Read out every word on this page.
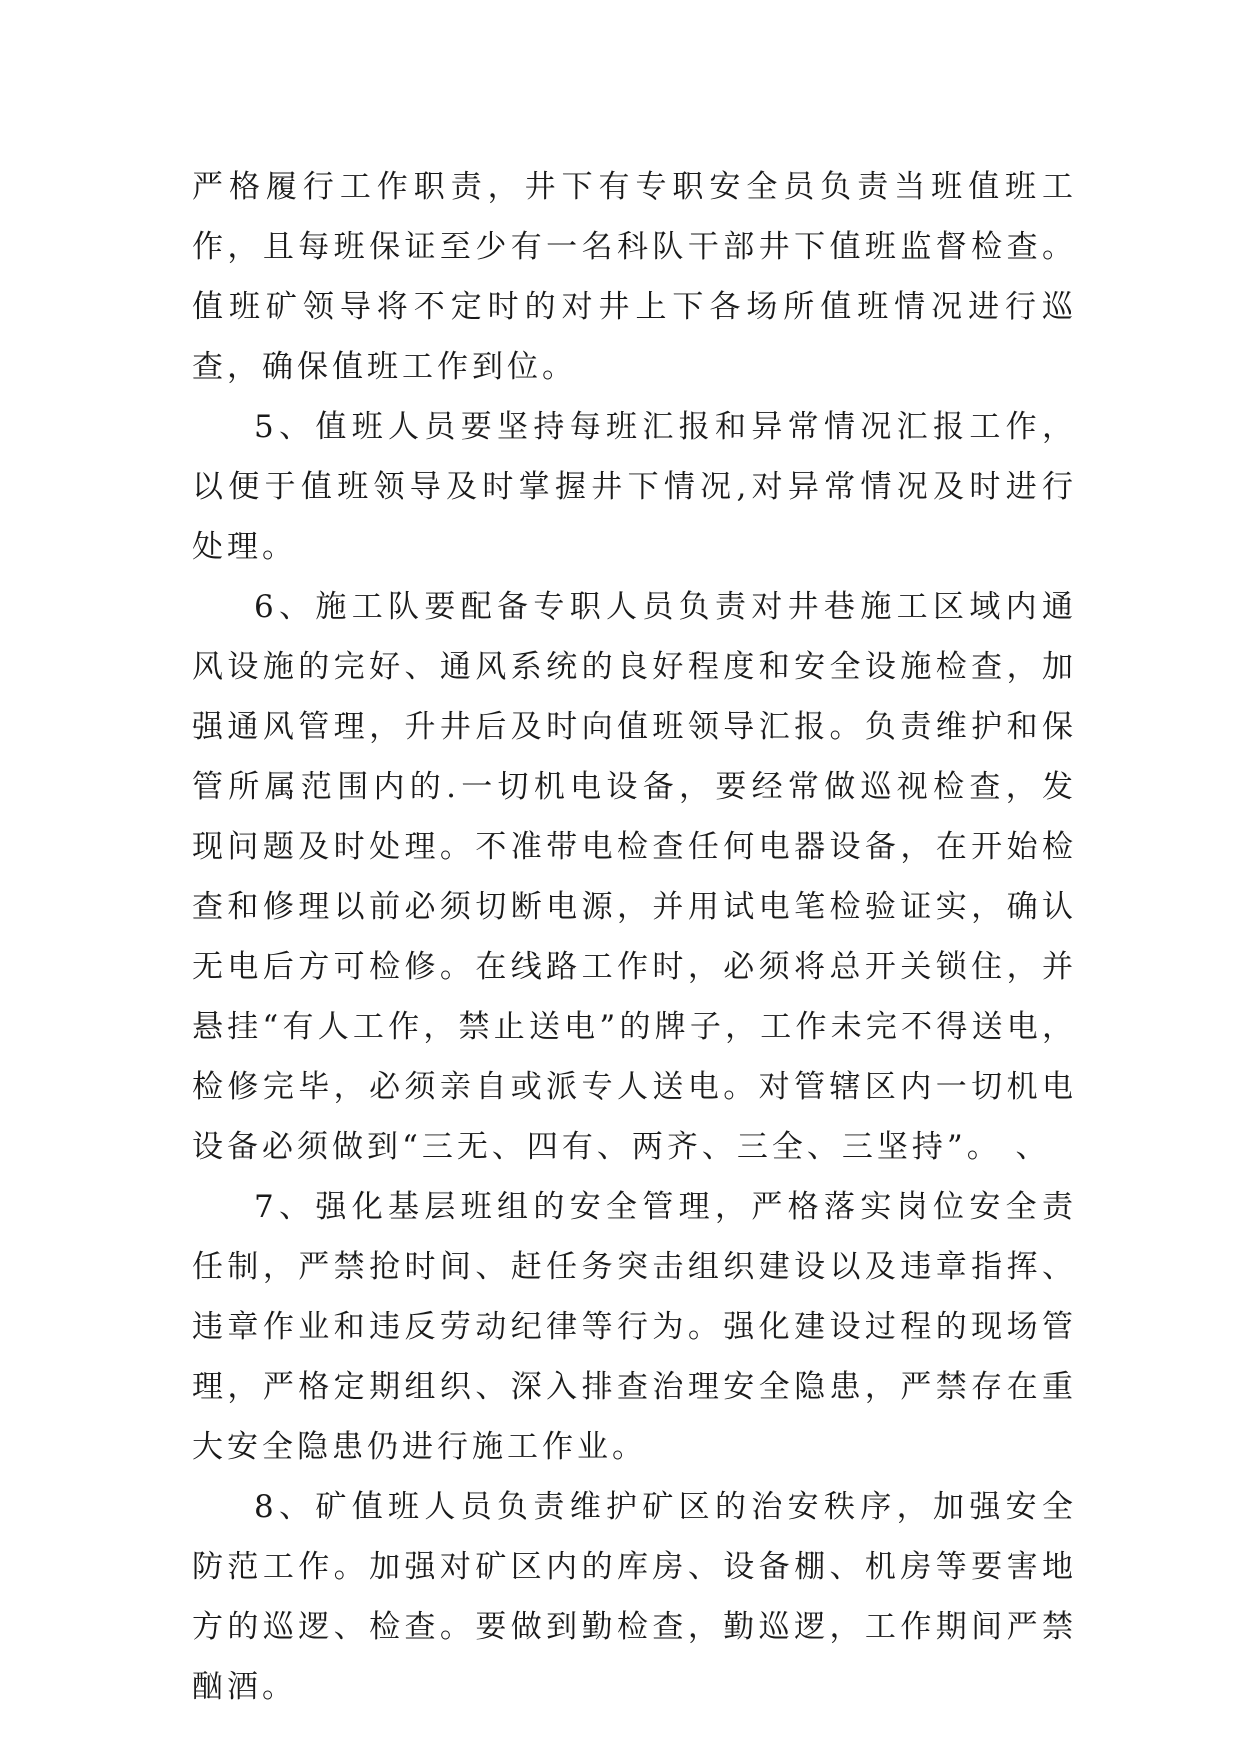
严格履行工作职责，井下有专职安全员负责当班值班工作，且每班保证至少有一名科队干部井下值班监督检查。值班矿领导将不定时的对井上下各场所值班情况进行巡查，确保值班工作到位。

5、值班人员要坚持每班汇报和异常情况汇报工作，以便于值班领导及时掌握井下情况,对异常情况及时进行处理。

6、施工队要配备专职人员负责对井巷施工区域内通风设施的完好、通风系统的良好程度和安全设施检查，加强通风管理，升井后及时向值班领导汇报。负责维护和保管所属范围内的.一切机电设备，要经常做巡视检查，发现问题及时处理。不准带电检查任何电器设备，在开始检查和修理以前必须切断电源，并用试电笔检验证实，确认无电后方可检修。在线路工作时，必须将总开关锁住，并悬挂“有人工作，禁止送电”的牌子，工作未完不得送电，检修完毕，必须亲自或派专人送电。对管辖区内一切机电设备必须做到“三无、四有、两齐、三全、三坚持”。 、

7、强化基层班组的安全管理，严格落实岗位安全责任制，严禁抢时间、赶任务突击组织建设以及违章指挥、违章作业和违反劳动纪律等行为。强化建设过程的现场管理，严格定期组织、深入排查治理安全隐患，严禁存在重大安全隐患仍进行施工作业。

8、矿值班人员负责维护矿区的治安秩序，加强安全防范工作。加强对矿区内的库房、设备棚、机房等要害地方的巡逻、检查。要做到勤检查，勤巡逻，工作期间严禁酗酒。
